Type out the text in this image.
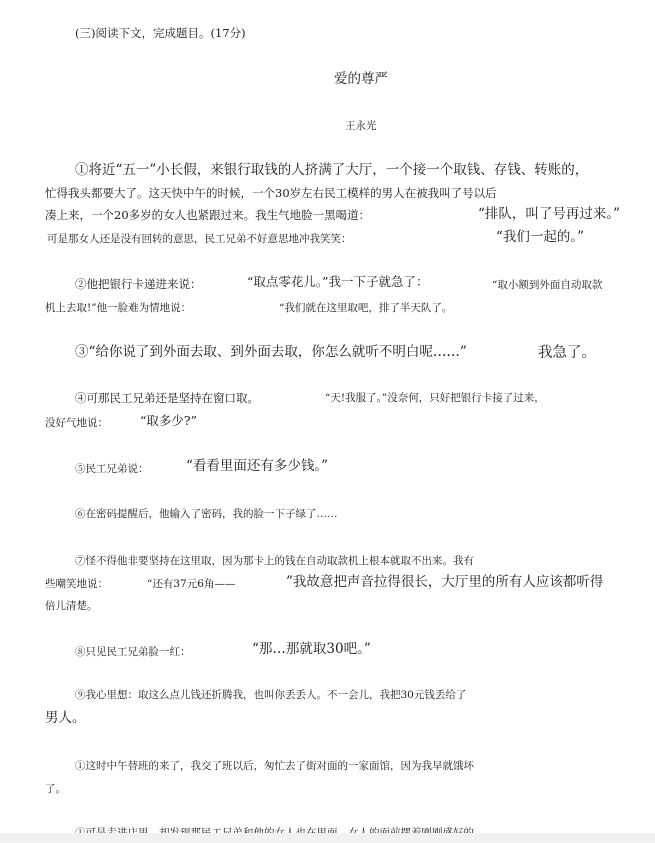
(三)阅读下文，完成题目。(17分)
爱的尊严
王永光
①将近“五一”小长假，来银行取钱的人挤满了大厅，一个接一个取钱、存钱、转账的，
忙得我头都要大了。这天快中午的时候，一个30岁左右民工模样的男人在被我叫了号以后
凑上来，一个20多岁的女人也紧跟过来。我生气地脸一黑喝道：	“排队，叫了号再过来。”
可是那女人还是没有回转的意思，民工兄弟不好意思地冲我笑笑：	“我们一起的。”
②他把银行卡递进来说：	“取点零花儿。”我一下子就急了：	“取小额到外面自动取款
机上去取!”他一脸难为情地说：	“我们就在这里取吧，排了半天队了。
③“给你说了到外面去取、到外面去取，你怎么就听不明白呢……”	我急了。
④可那民工兄弟还是坚持在窗口取。	“天!我服了。”没奈何，只好把银行卡接了过来，
没好气地说：	“取多少?”
⑤民工兄弟说：	“看看里面还有多少钱。”
⑥在密码提醒后，他输入了密码，我的脸一下子绿了……
⑦怪不得他非要坚持在这里取，因为那卡上的钱在自动取款机上根本就取不出来。我有
些嘲笑地说：	“还有37元6角——	”我故意把声音拉得很长，大厅里的所有人应该都听得
倍儿清楚。
⑧只见民工兄弟脸一红：	“那…那就取30吧。”
⑨我心里想：取这么点儿钱还折腾我，也叫你丢丢人。不一会儿，我把30元钱丢给了
男人。
①这时中午替班的来了，我交了班以后，匆忙去了街对面的一家面馆，因为我早就饿坏
了。
